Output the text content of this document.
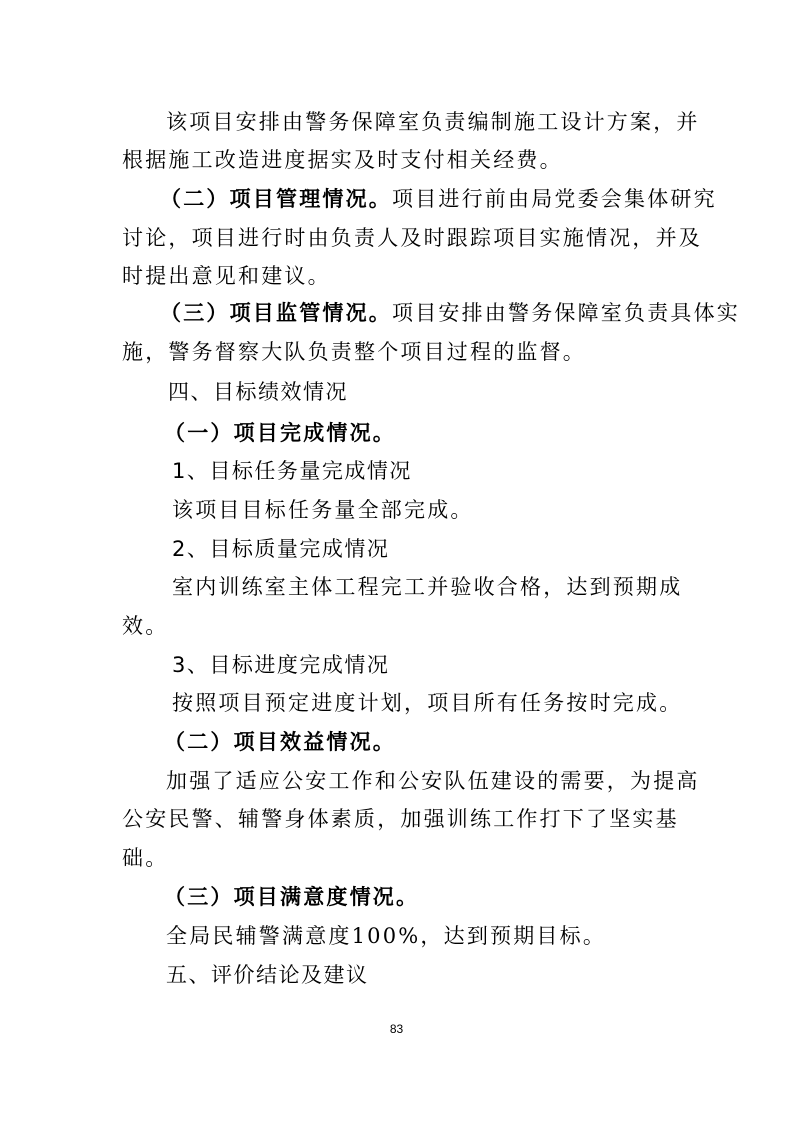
该项目安排由警务保障室负责编制施工设计方案，并
根据施工改造进度据实及时支付相关经费。
（二）项目管理情况。项目进行前由局党委会集体研究
讨论，项目进行时由负责人及时跟踪项目实施情况，并及
时提出意见和建议。
（三）项目监管情况。项目安排由警务保障室负责具体实
施，警务督察大队负责整个项目过程的监督。
四、目标绩效情况
（一）项目完成情况。
1、目标任务量完成情况
该项目目标任务量全部完成。
2、目标质量完成情况
室内训练室主体工程完工并验收合格，达到预期成
效。
3、目标进度完成情况
按照项目预定进度计划，项目所有任务按时完成。
（二）项目效益情况。
加强了适应公安工作和公安队伍建设的需要，为提高
公安民警、辅警身体素质，加强训练工作打下了坚实基
础。
（三）项目满意度情况。
全局民辅警满意度100%，达到预期目标。
五、评价结论及建议
83
